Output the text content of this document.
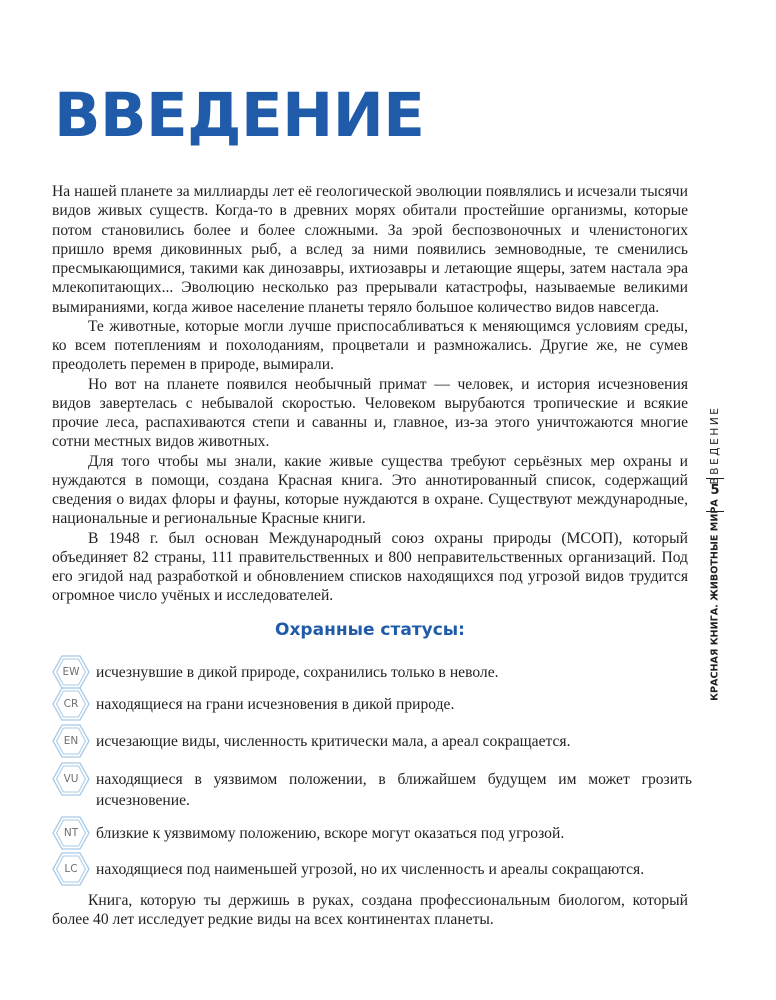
ВВЕДЕНИЕ

На нашей планете за миллиарды лет её геологической эволюции появлялись и исчезали тысячи видов живых существ. Когда-то в древних морях обитали простейшие организмы, которые потом становились более и более сложными. За эрой беспозвоночных и членистоногих пришло время диковинных рыб, а вслед за ними появились земноводные, те сменились пресмыкающимися, такими как динозавры, ихтиозавры и летающие ящеры, затем настала эра млекопитающих... Эволюцию несколько раз прерывали катастрофы, называемые великими вымираниями, когда живое население планеты теряло большое количество видов навсегда.

Те животные, которые могли лучше приспосабливаться к меняющимся условиям среды, ко всем потеплениям и похолоданиям, процветали и размножались. Другие же, не сумев преодолеть перемен в природе, вымирали.

Но вот на планете появился необычный примат — человек, и история исчезновения видов завертелась с небывалой скоростью. Человеком вырубаются тропические и всякие прочие леса, распахиваются степи и саванны и, главное, из-за этого уничтожаются многие сотни местных видов животных.

Для того чтобы мы знали, какие живые существа требуют серьёзных мер охраны и нуждаются в помощи, создана Красная книга. Это аннотированный список, содержащий сведения о видах флоры и фауны, которые нуждаются в охране. Существуют международные, национальные и региональные Красные книги.

В 1948 г. был основан Международный союз охраны природы (МСОП), который объединяет 82 страны, 111 правительственных и 800 неправительственных организаций. Под его эгидой над разработкой и обновлением списков находящихся под угрозой видов трудится огромное число учёных и исследователей.

Охранные статусы:
EW	исчезнувшие в дикой природе, сохранились только в неволе.
CR	находящиеся на грани исчезновения в дикой природе.
EN	исчезающие виды, численность критически мала, а ареал сокращается.
VU	находящиеся в уязвимом положении, в ближайшем будущем им может грозить исчезновение.
NT	близкие к уязвимому положению, вскоре могут оказаться под угрозой.
LC	находящиеся под наименьшей угрозой, но их численность и ареалы сокращаются.

Книга, которую ты держишь в руках, создана профессиональным биологом, который более 40 лет исследует редкие виды на всех континентах планеты.

ВВЕДЕНИЕ
5
КРАСНАЯ КНИГА. ЖИВОТНЫЕ МИРА
